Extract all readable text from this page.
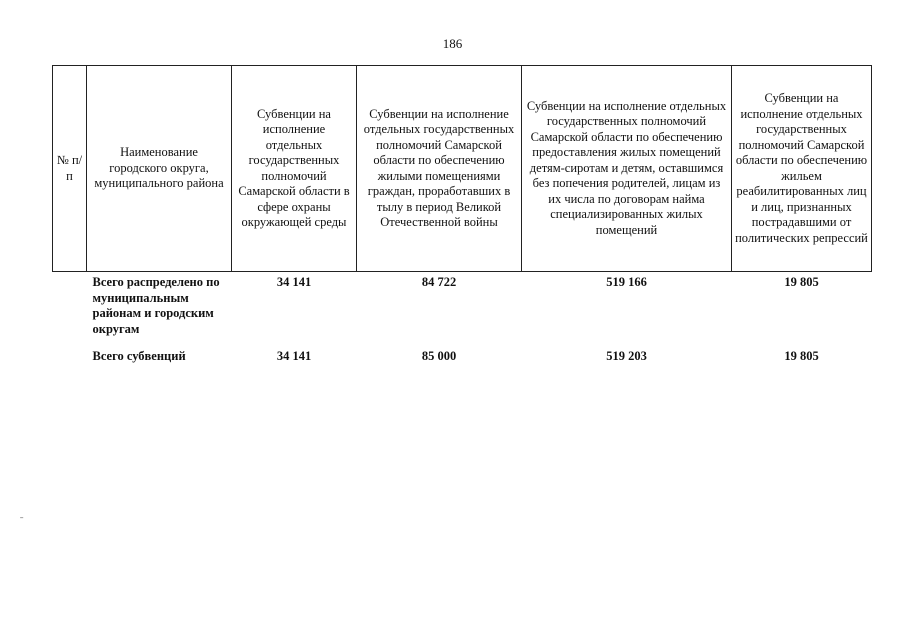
186
№ п/п	Наименование городского округа, муниципального района	Субвенции на исполнение отдельных государственных полномочий Самарской области в сфере охраны окружающей среды	Субвенции на исполнение отдельных государственных полномочий Самарской области по обеспечению жилыми помещениями граждан, проработавших в тылу в период Великой Отечественной войны	Субвенции на исполнение отдельных государственных полномочий Самарской области по обеспечению предоставления жилых помещений детям-сиротам и детям, оставшимся без попечения родителей, лицам из их числа по договорам найма специализированных жилых помещений	Субвенции на исполнение отдельных государственных полномочий Самарской области по обеспечению жильем реабилитированных лиц и лиц, признанных пострадавшими от политических репрессий
	Всего распределено по муниципальным районам и городским округам	34 141	84 722	519 166	19 805
	Всего субвенций	34 141	85 000	519 203	19 805
˗
